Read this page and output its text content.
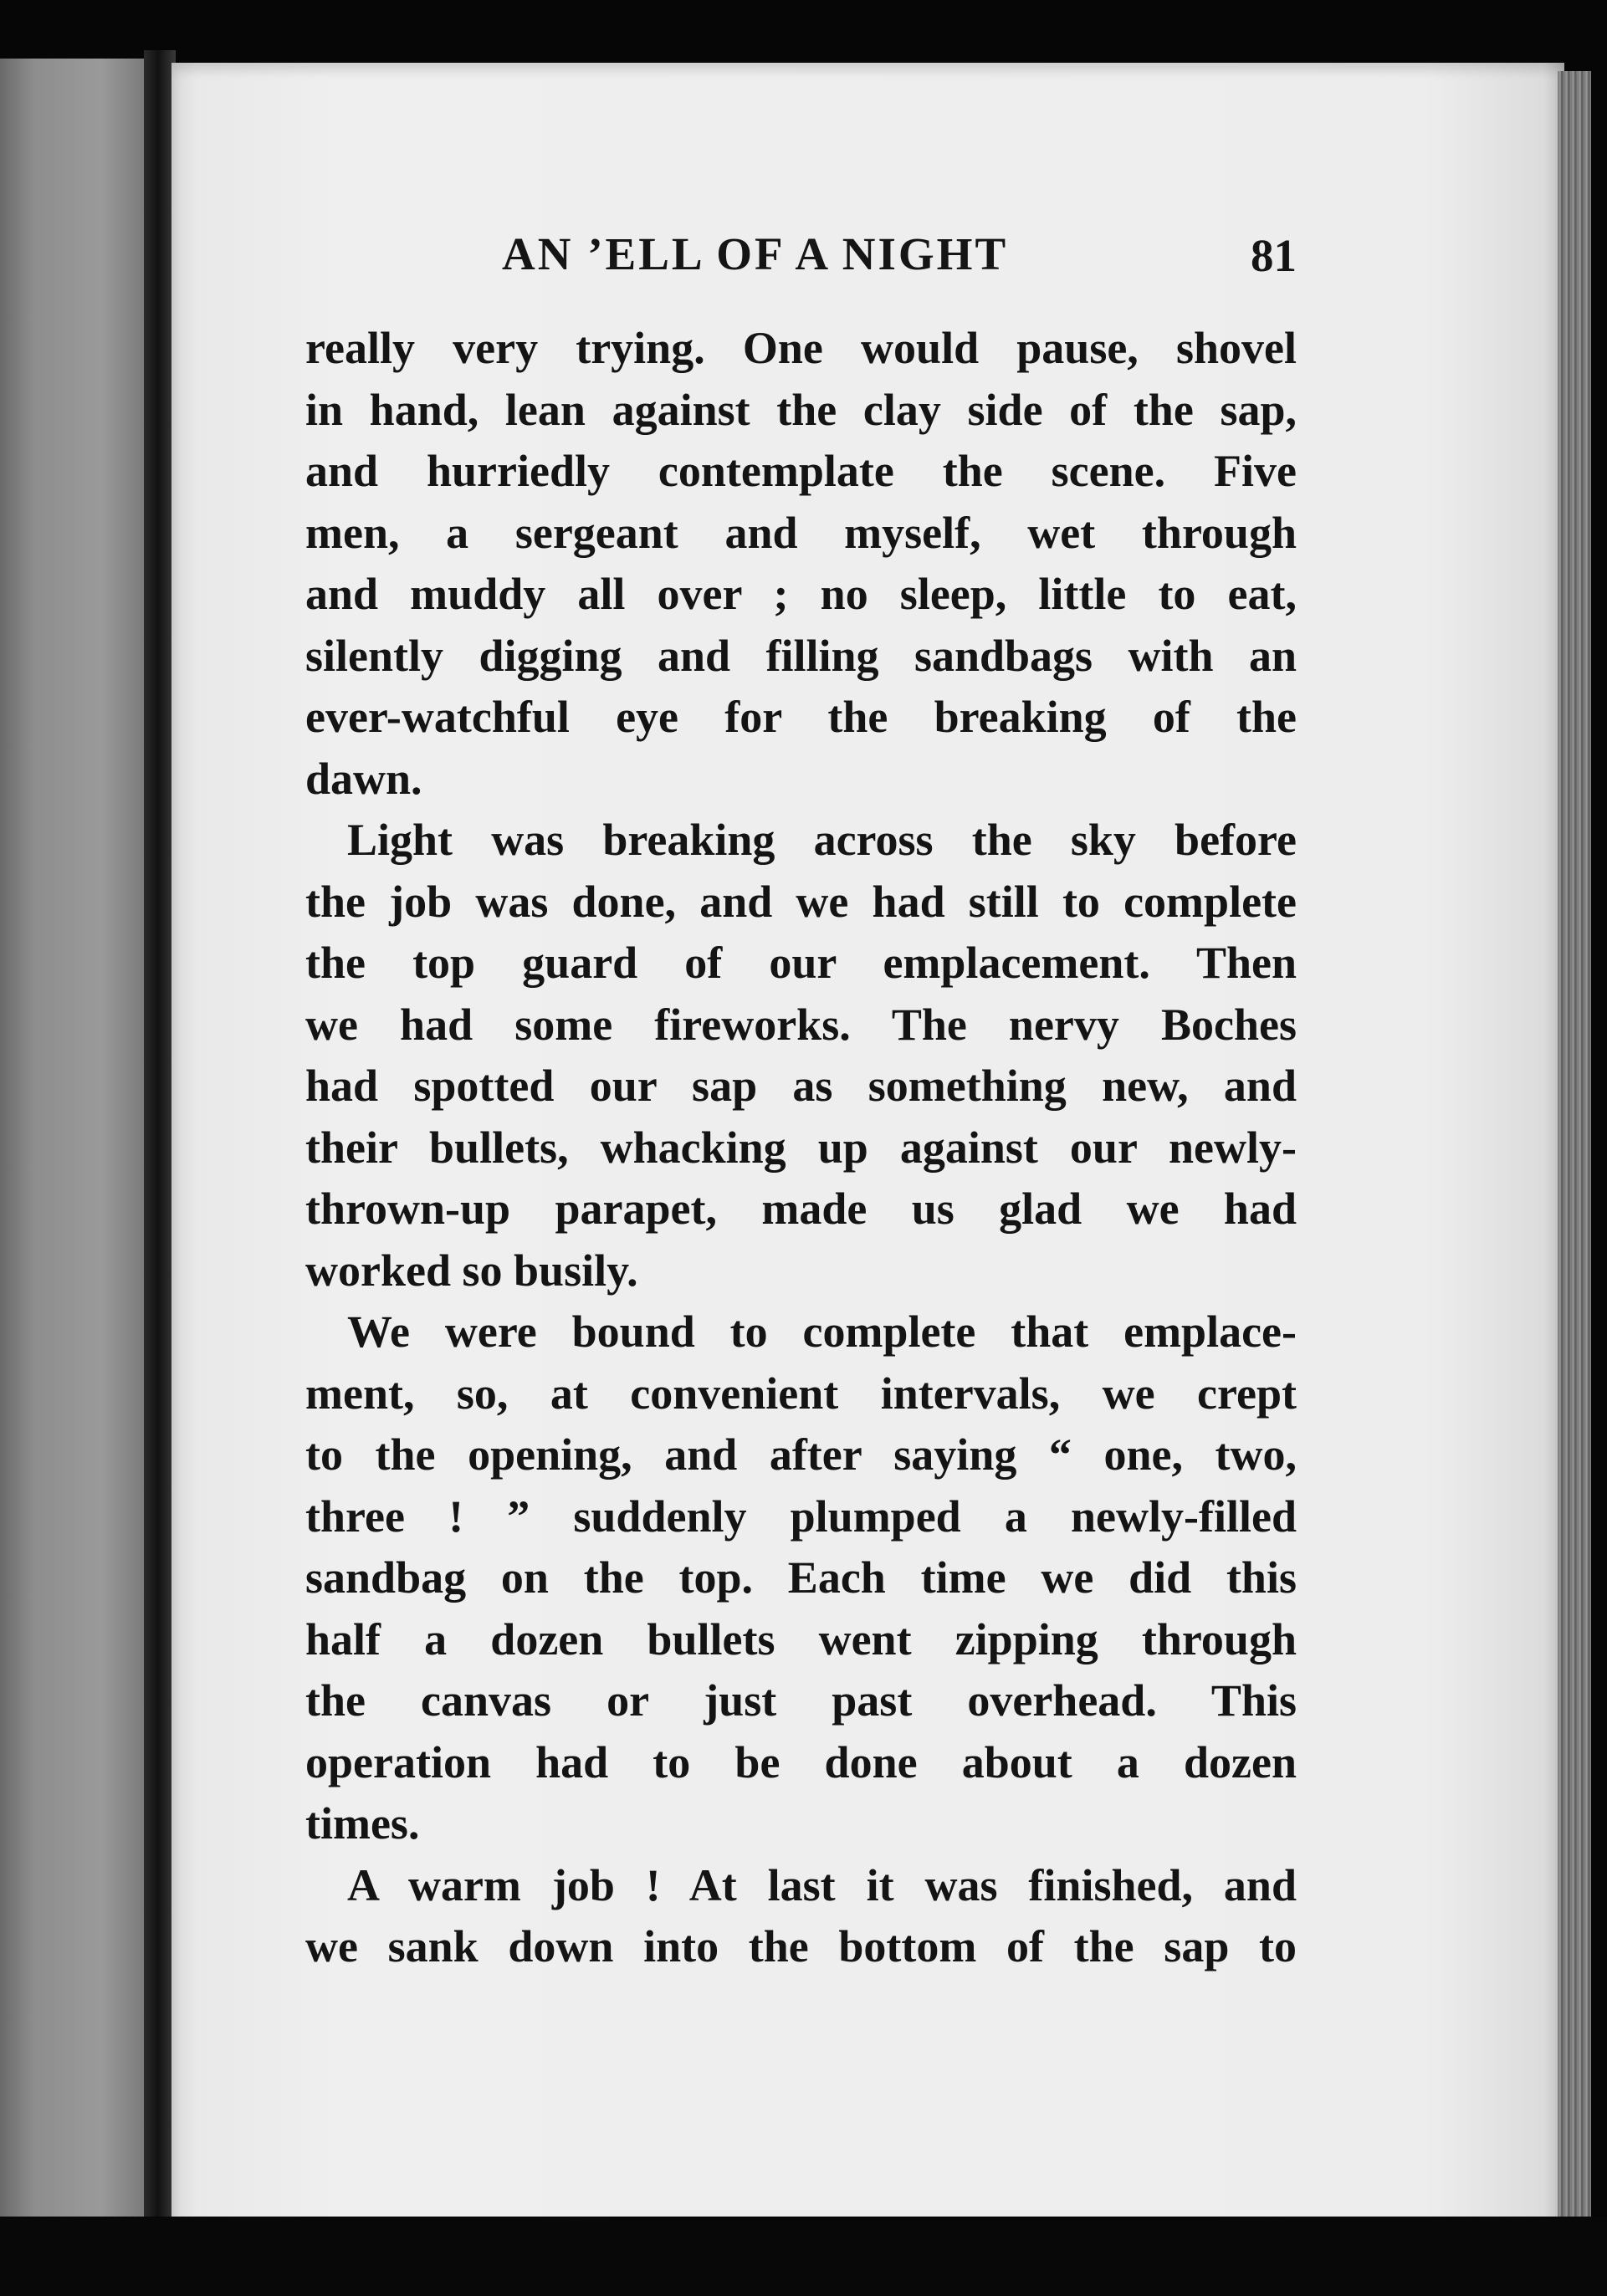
AN ’ELL OF A NIGHT	81
really very trying. One would pause, shovel
in hand, lean against the clay side of the sap,
and hurriedly contemplate the scene. Five
men, a sergeant and myself, wet through
and muddy all over ; no sleep, little to eat,
silently digging and filling sandbags with an
ever-watchful eye for the breaking of the
dawn.
Light was breaking across the sky before
the job was done, and we had still to complete
the top guard of our emplacement. Then
we had some fireworks. The nervy Boches
had spotted our sap as something new, and
their bullets, whacking up against our newly-
thrown-up parapet, made us glad we had
worked so busily.
We were bound to complete that emplace-
ment, so, at convenient intervals, we crept
to the opening, and after saying “ one, two,
three ! ” suddenly plumped a newly-filled
sandbag on the top. Each time we did this
half a dozen bullets went zipping through
the canvas or just past overhead. This
operation had to be done about a dozen
times.
A warm job ! At last it was finished, and
we sank down into the bottom of the sap to
